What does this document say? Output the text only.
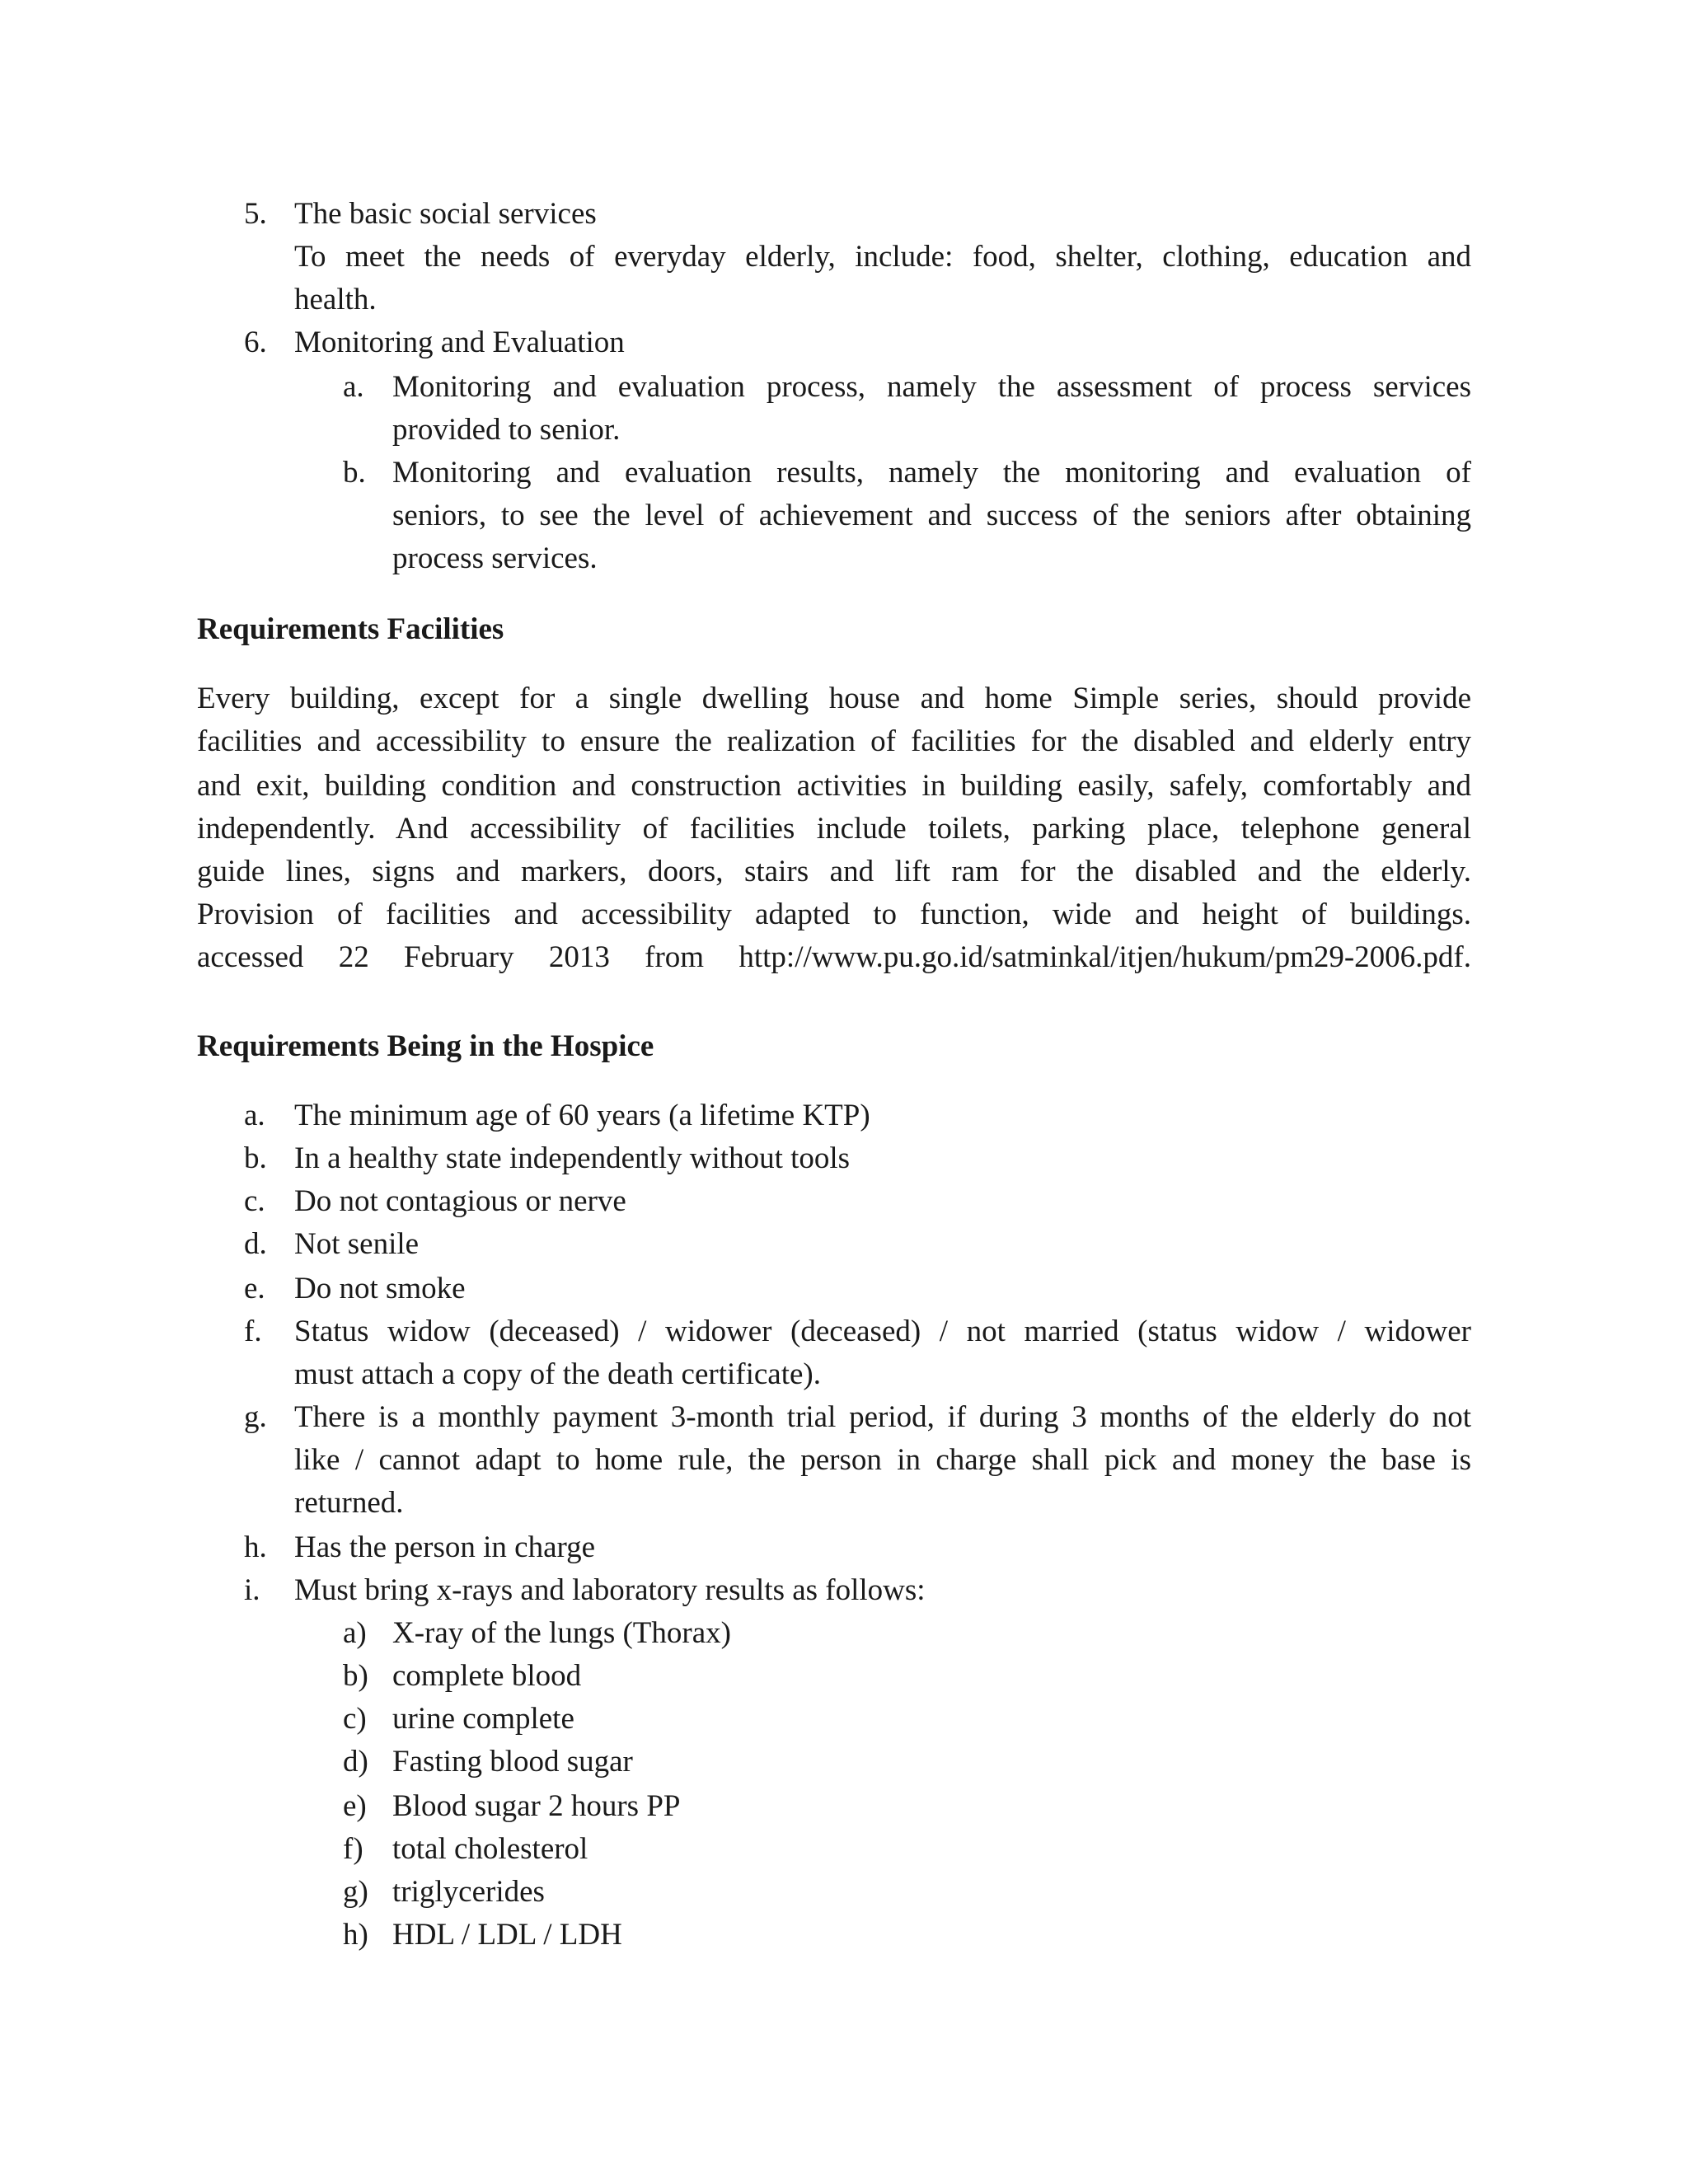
5. The basic social services
To meet the needs of everyday elderly, include: food, shelter, clothing, education and
health.
6. Monitoring and Evaluation
a. Monitoring and evaluation process, namely the assessment of process services
provided to senior.
b. Monitoring and evaluation results, namely the monitoring and evaluation of
seniors, to see the level of achievement and success of the seniors after obtaining
process services.
Requirements Facilities
Every building, except for a single dwelling house and home Simple series, should provide
facilities and accessibility to ensure the realization of facilities for the disabled and elderly entry
and exit, building condition and construction activities in building easily, safely, comfortably and
independently. And accessibility of facilities include toilets, parking place, telephone general
guide lines, signs and markers, doors, stairs and lift ram for the disabled and the elderly.
Provision of facilities and accessibility adapted to function, wide and height of buildings.
accessed 22 February 2013 from http://www.pu.go.id/satminkal/itjen/hukum/pm29-2006.pdf.
Requirements Being in the Hospice
a. The minimum age of 60 years (a lifetime KTP)
b. In a healthy state independently without tools
c. Do not contagious or nerve
d. Not senile
e. Do not smoke
f. Status widow (deceased) / widower (deceased) / not married (status widow / widower
must attach a copy of the death certificate).
g. There is a monthly payment 3-month trial period, if during 3 months of the elderly do not
like / cannot adapt to home rule, the person in charge shall pick and money the base is
returned.
h. Has the person in charge
i. Must bring x-rays and laboratory results as follows:
a) X-ray of the lungs (Thorax)
b) complete blood
c) urine complete
d) Fasting blood sugar
e) Blood sugar 2 hours PP
f) total cholesterol
g) triglycerides
h) HDL / LDL / LDH
